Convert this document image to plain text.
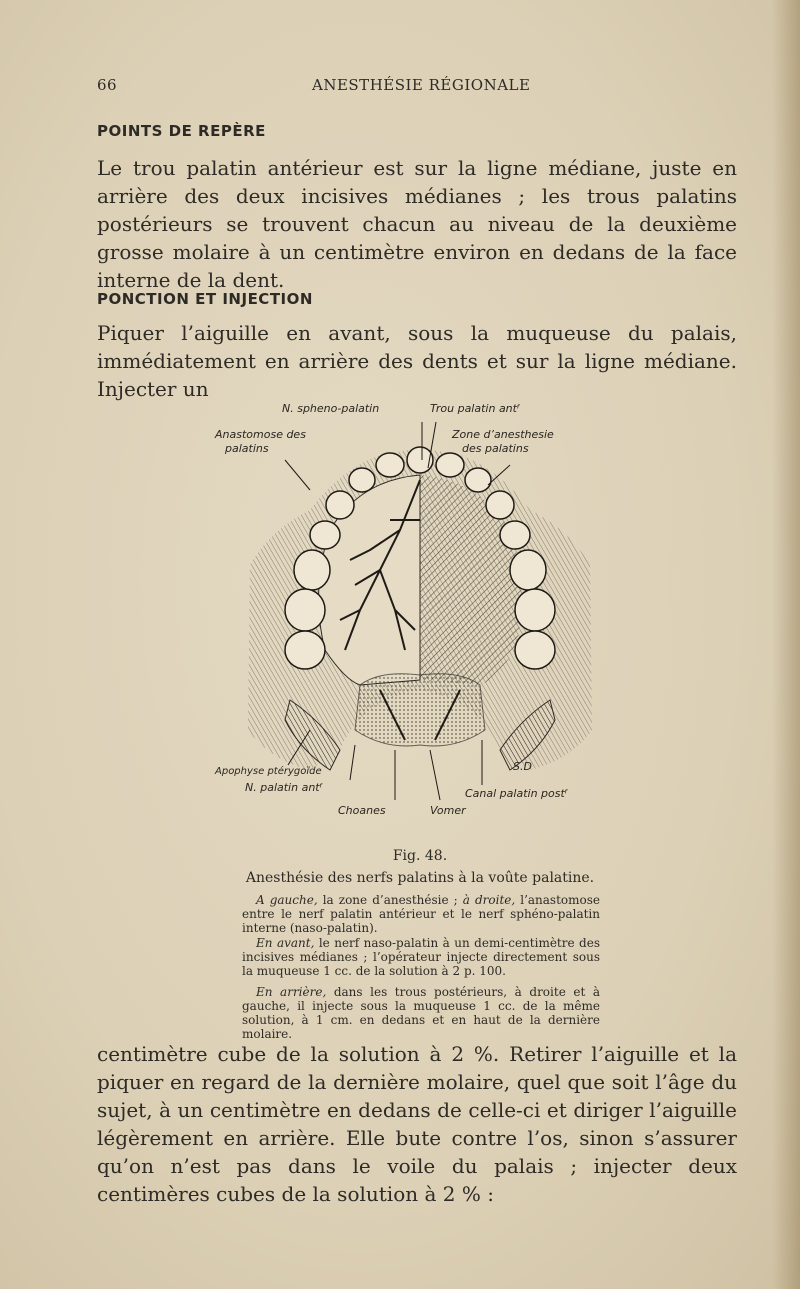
66	ANESTHÉSIE RÉGIONALE
POINTS DE REPÈRE
Le trou palatin antérieur est sur la ligne médiane, juste en arrière des deux incisives médianes ; les trous palatins postérieurs se trouvent chacun au niveau de la deuxième grosse molaire à un centimètre environ en dedans de la face interne de la dent.
PONCTION ET INJECTION
Piquer l’aiguille en avant, sous la muqueuse du palais, immédiatement en arrière des dents et sur la ligne médiane. Injecter un
N. spheno-palatin	Trou palatin antᶠ
Anastomose des
palatins
Zone d’anesthesie
des palatins
Apophyse ptérygoïde
N. palatin antᶠ	Canal palatin postᶠ
S.D
Choanes	Vomer
Fig. 48.
Anesthésie des nerfs palatins à la voûte palatine.
A gauche, la zone d’anesthésie ; à droite, l’anastomose entre le nerf palatin antérieur et le nerf sphéno-palatin interne (naso-palatin).
En avant, le nerf naso-palatin à un demi-centimètre des incisives médianes ; l’opérateur injecte directement sous la muqueuse 1 cc. de la solution à 2 p. 100.
En arrière, dans les trous postérieurs, à droite et à gauche, il injecte sous la muqueuse 1 cc. de la même solution, à 1 cm. en dedans et en haut de la dernière molaire.
centimètre cube de la solution à 2 %. Retirer l’aiguille et la piquer en regard de la dernière molaire, quel que soit l’âge du sujet, à un centimètre en dedans de celle-ci et diriger l’aiguille légèrement en arrière. Elle bute contre l’os, sinon s’assurer qu’on n’est pas dans le voile du palais ; injecter deux centimères cubes de la solution à 2 % :
